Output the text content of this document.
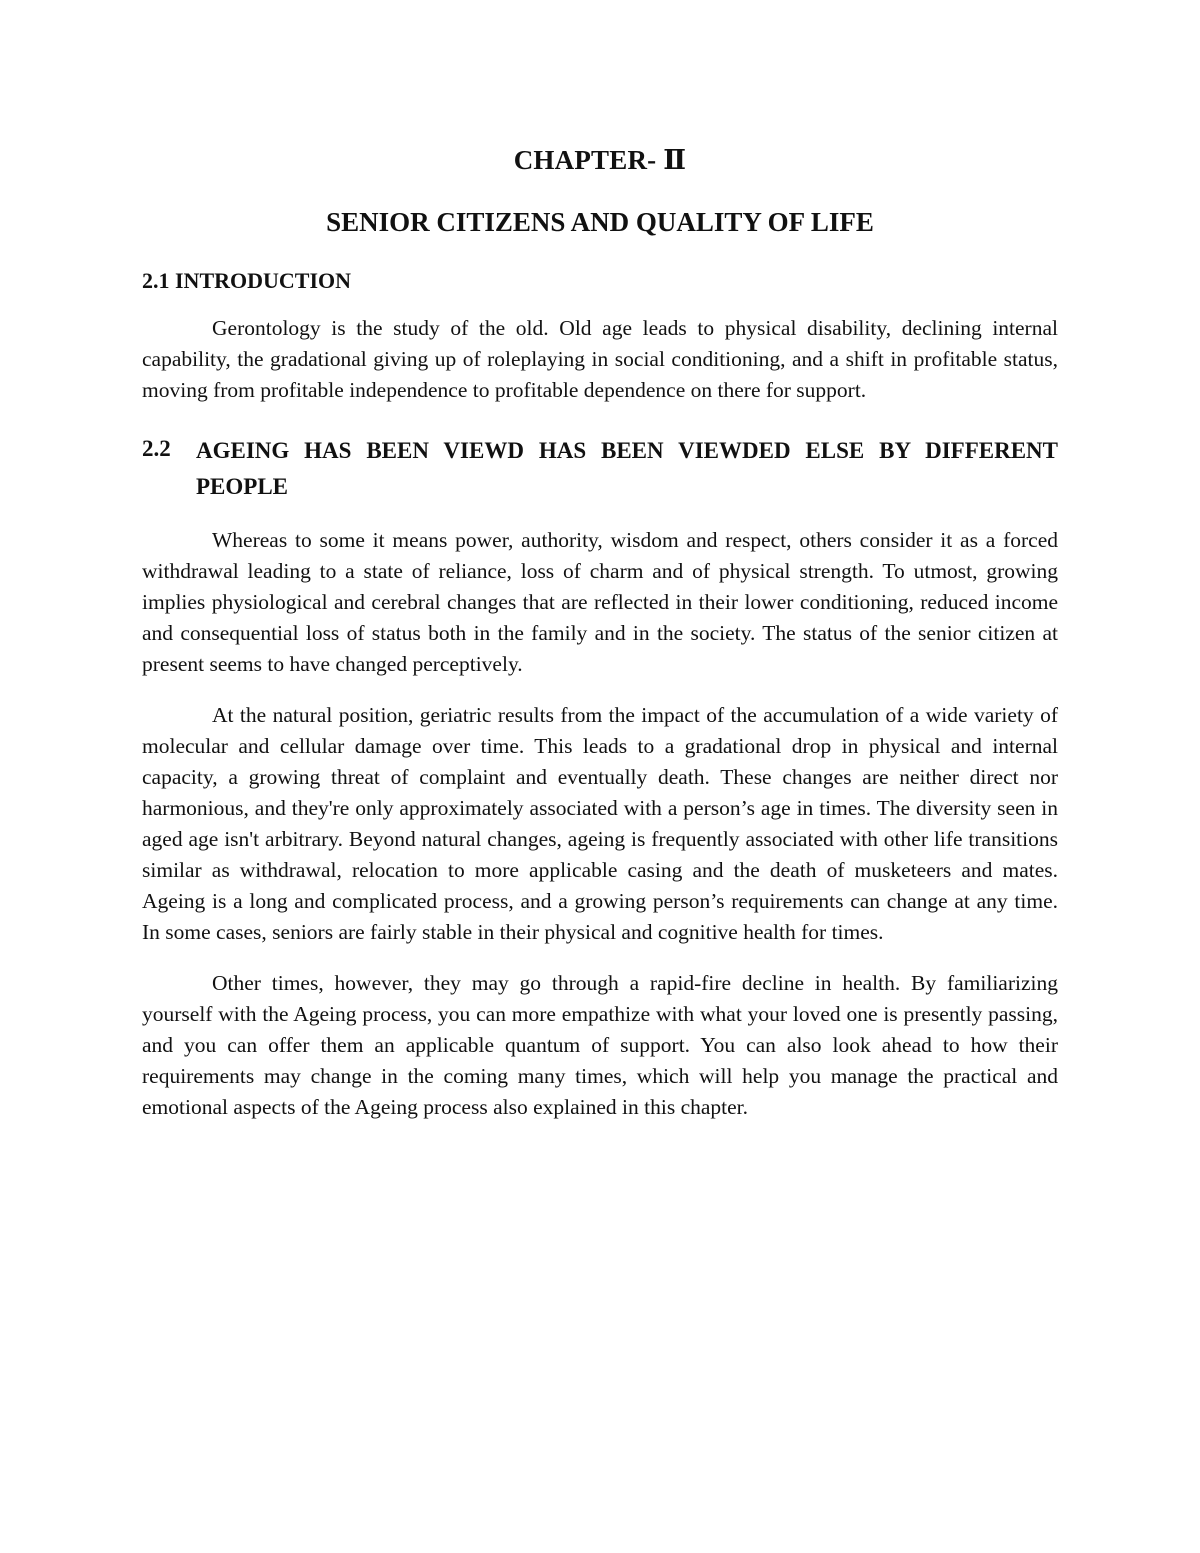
CHAPTER- Ⅱ
SENIOR CITIZENS AND QUALITY OF LIFE
2.1 INTRODUCTION

Gerontology is the study of the old. Old age leads to physical disability, declining internal capability, the gradational giving up of roleplaying in social conditioning, and a shift in profitable status, moving from profitable independence to profitable dependence on there for support.

2.2	AGEING HAS BEEN VIEWD HAS BEEN VIEWDED ELSE BY DIFFERENT PEOPLE

Whereas to some it means power, authority, wisdom and respect, others consider it as a forced withdrawal leading to a state of reliance, loss of charm and of physical strength. To utmost, growing implies physiological and cerebral changes that are reflected in their lower conditioning, reduced income and consequential loss of status both in the family and in the society. The status of the senior citizen at present seems to have changed perceptively.

At the natural position, geriatric results from the impact of the accumulation of a wide variety of molecular and cellular damage over time. This leads to a gradational drop in physical and internal capacity, a growing threat of complaint and eventually death. These changes are neither direct nor harmonious, and they're only approximately associated with a person’s age in times. The diversity seen in aged age isn't arbitrary. Beyond natural changes, ageing is frequently associated with other life transitions similar as withdrawal, relocation to more applicable casing and the death of musketeers and mates. Ageing is a long and complicated process, and a growing person’s requirements can change at any time. In some cases, seniors are fairly stable in their physical and cognitive health for times.

Other times, however, they may go through a rapid-fire decline in health. By familiarizing yourself with the Ageing process, you can more empathize with what your loved one is presently passing, and you can offer them an applicable quantum of support. You can also look ahead to how their requirements may change in the coming many times, which will help you manage the practical and emotional aspects of the Ageing process also explained in this chapter.
